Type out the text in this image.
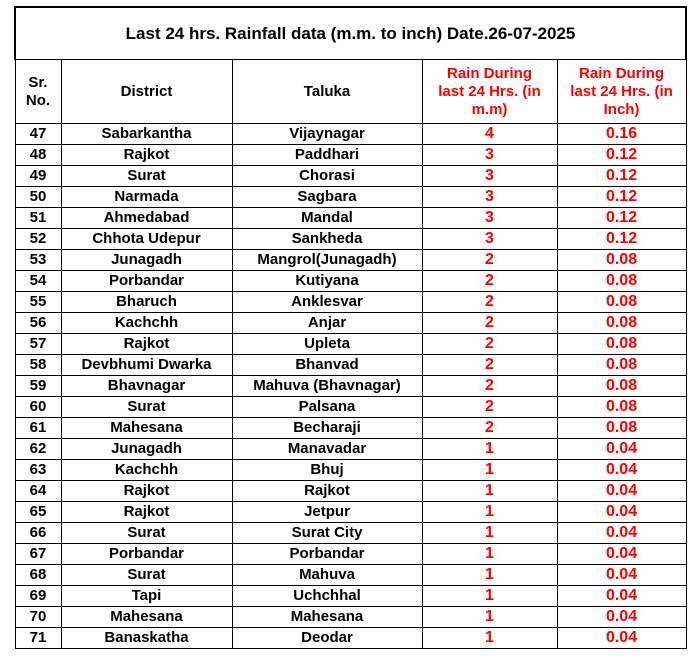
Last 24 hrs. Rainfall data (m.m. to inch) Date.26-07-2025				
Sr.
No.	District	Taluka	Rain During last 24 Hrs. (in m.m)	Rain During last 24 Hrs. (in Inch)
47	Sabarkantha	Vijaynagar	4	0.16
48	Rajkot	Paddhari	3	0.12
49	Surat	Chorasi	3	0.12
50	Narmada	Sagbara	3	0.12
51	Ahmedabad	Mandal	3	0.12
52	Chhota Udepur	Sankheda	3	0.12
53	Junagadh	Mangrol(Junagadh)	2	0.08
54	Porbandar	Kutiyana	2	0.08
55	Bharuch	Anklesvar	2	0.08
56	Kachchh	Anjar	2	0.08
57	Rajkot	Upleta	2	0.08
58	Devbhumi Dwarka	Bhanvad	2	0.08
59	Bhavnagar	Mahuva (Bhavnagar)	2	0.08
60	Surat	Palsana	2	0.08
61	Mahesana	Becharaji	2	0.08
62	Junagadh	Manavadar	1	0.04
63	Kachchh	Bhuj	1	0.04
64	Rajkot	Rajkot	1	0.04
65	Rajkot	Jetpur	1	0.04
66	Surat	Surat City	1	0.04
67	Porbandar	Porbandar	1	0.04
68	Surat	Mahuva	1	0.04
69	Tapi	Uchchhal	1	0.04
70	Mahesana	Mahesana	1	0.04
71	Banaskatha	Deodar	1	0.04
